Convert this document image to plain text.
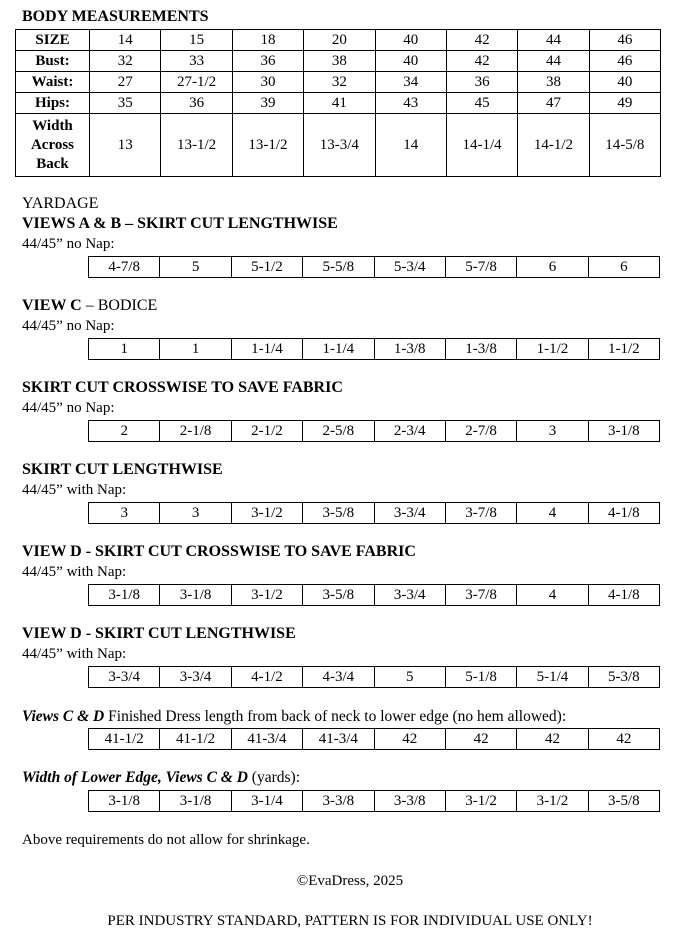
BODY MEASUREMENTS
SIZE	14	15	18	20	40	42	44	46
Bust:	32	33	36	38	40	42	44	46
Waist:	27	27-1/2	30	32	34	36	38	40
Hips:	35	36	39	41	43	45	47	49
Width
Across
Back	13	13-1/2	13-1/2	13-3/4	14	14-1/4	14-1/2	14-5/8
YARDAGE
VIEWS A & B – SKIRT CUT LENGTHWISE
44/45” no Nap:
4-7/8	5	5-1/2	5-5/8	5-3/4	5-7/8	6	6
VIEW C – BODICE
44/45” no Nap:
1	1	1-1/4	1-1/4	1-3/8	1-3/8	1-1/2	1-1/2
SKIRT CUT CROSSWISE TO SAVE FABRIC
44/45” no Nap:
2	2-1/8	2-1/2	2-5/8	2-3/4	2-7/8	3	3-1/8
SKIRT CUT LENGTHWISE
44/45” with Nap:
3	3	3-1/2	3-5/8	3-3/4	3-7/8	4	4-1/8
VIEW D - SKIRT CUT CROSSWISE TO SAVE FABRIC
44/45” with Nap:
3-1/8	3-1/8	3-1/2	3-5/8	3-3/4	3-7/8	4	4-1/8
VIEW D - SKIRT CUT LENGTHWISE
44/45” with Nap:
3-3/4	3-3/4	4-1/2	4-3/4	5	5-1/8	5-1/4	5-3/8
Views C & D Finished Dress length from back of neck to lower edge (no hem allowed):
41-1/2	41-1/2	41-3/4	41-3/4	42	42	42	42
Width of Lower Edge, Views C & D (yards):
3-1/8	3-1/8	3-1/4	3-3/8	3-3/8	3-1/2	3-1/2	3-5/8
Above requirements do not allow for shrinkage.
©EvaDress, 2025
PER INDUSTRY STANDARD, PATTERN IS FOR INDIVIDUAL USE ONLY!
